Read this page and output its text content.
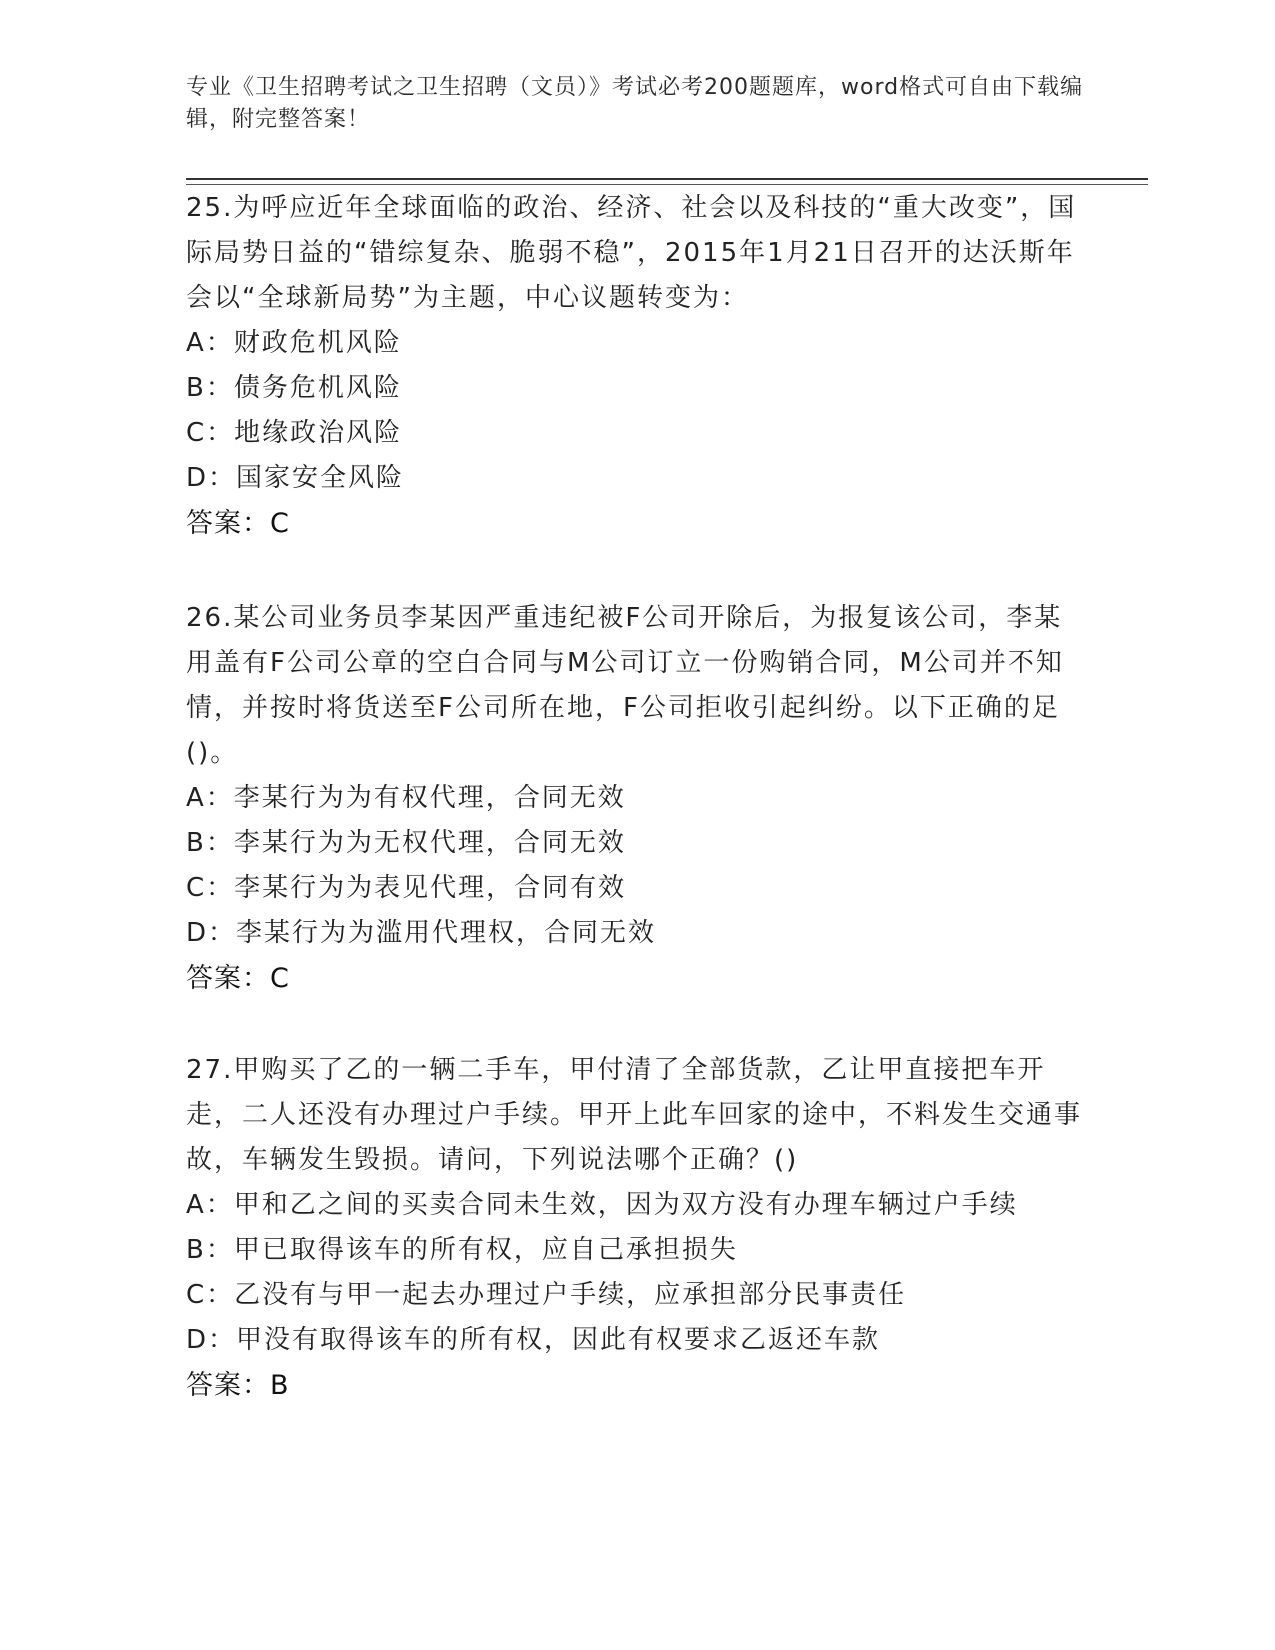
专业《卫生招聘考试之卫生招聘（文员）》考试必考200题题库，word格式可自由下载编辑，附完整答案！

25.为呼应近年全球面临的政治、经济、社会以及科技的“重大改变”，国际局势日益的“错综复杂、脆弱不稳”，2015年1月21日召开的达沃斯年会以“全球新局势”为主题，中心议题转变为：

A：财政危机风险

B：债务危机风险

C：地缘政治风险

D：国家安全风险

答案：C

26.某公司业务员李某因严重违纪被F公司开除后，为报复该公司，李某用盖有F公司公章的空白合同与M公司订立一份购销合同，M公司并不知情，并按时将货送至F公司所在地，F公司拒收引起纠纷。以下正确的足()。

A：李某行为为有权代理，合同无效

B：李某行为为无权代理，合同无效

C：李某行为为表见代理，合同有效

D：李某行为为滥用代理权，合同无效

答案：C

27.甲购买了乙的一辆二手车，甲付清了全部货款，乙让甲直接把车开走，二人还没有办理过户手续。甲开上此车回家的途中，不料发生交通事故，车辆发生毁损。请问，下列说法哪个正确？()

A：甲和乙之间的买卖合同未生效，因为双方没有办理车辆过户手续

B：甲已取得该车的所有权，应自己承担损失

C：乙没有与甲一起去办理过户手续，应承担部分民事责任

D：甲没有取得该车的所有权，因此有权要求乙返还车款

答案：B
